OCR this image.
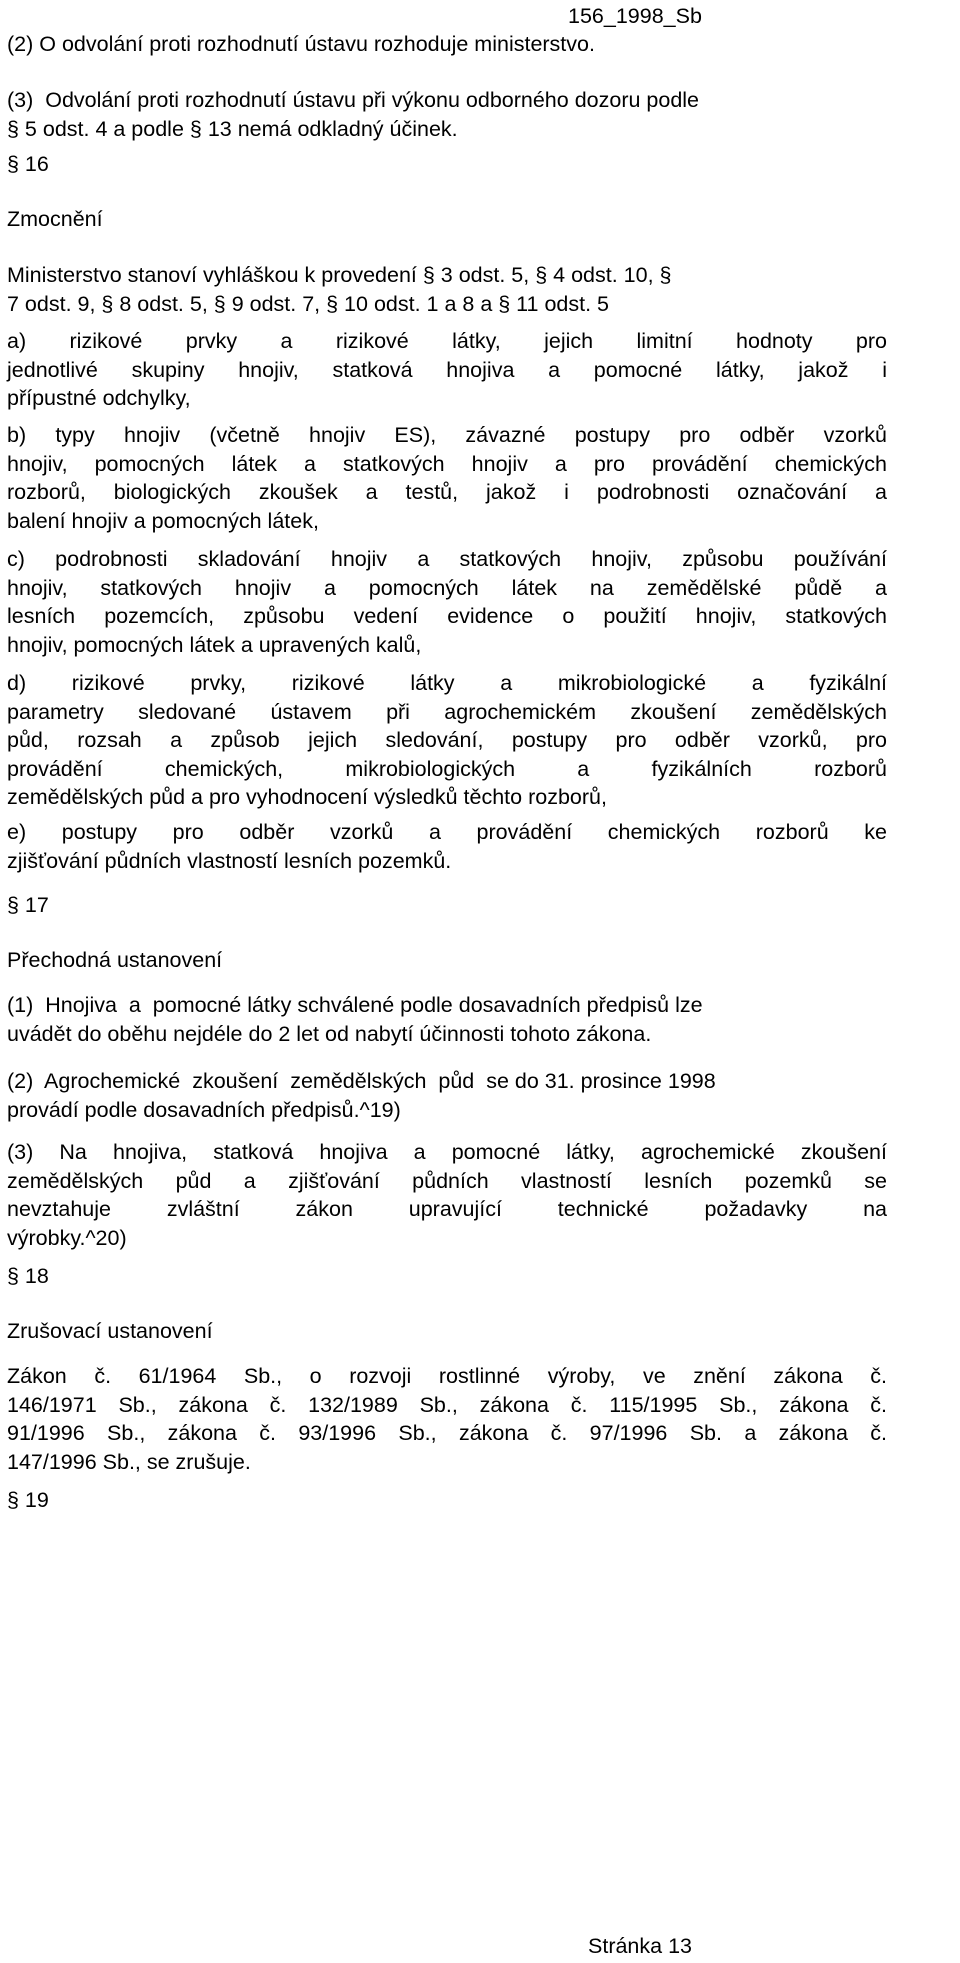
156_1998_Sb
(2) O odvolání proti rozhodnutí ústavu rozhoduje ministerstvo.
(3)  Odvolání proti rozhodnutí ústavu při výkonu odborného dozoru podle
§ 5 odst. 4 a podle § 13 nemá odkladný účinek.
§ 16
Zmocnění
Ministerstvo stanoví vyhláškou k provedení § 3 odst. 5, § 4 odst. 10, §
7 odst. 9, § 8 odst. 5, § 9 odst. 7, § 10 odst. 1 a 8 a § 11 odst. 5
a) rizikové prvky a rizikové látky, jejich limitní hodnoty pro
jednotlivé skupiny hnojiv, statková hnojiva a pomocné látky, jakož i
přípustné odchylky,
b) typy hnojiv (včetně hnojiv ES), závazné postupy pro odběr vzorků
hnojiv, pomocných látek a statkových hnojiv a pro provádění chemických
rozborů, biologických zkoušek a testů, jakož i podrobnosti označování a
balení hnojiv a pomocných látek,
c) podrobnosti skladování hnojiv a statkových hnojiv, způsobu používání
hnojiv, statkových hnojiv a pomocných látek na zemědělské půdě a
lesních pozemcích, způsobu vedení evidence o použití hnojiv, statkových
hnojiv, pomocných látek a upravených kalů,
d) rizikové prvky, rizikové látky a mikrobiologické a fyzikální
parametry sledované ústavem při agrochemickém zkoušení zemědělských
půd, rozsah a způsob jejich sledování, postupy pro odběr vzorků, pro
provádění chemických, mikrobiologických a fyzikálních rozborů
zemědělských půd a pro vyhodnocení výsledků těchto rozborů,
e) postupy pro odběr vzorků a provádění chemických rozborů ke
zjišťování půdních vlastností lesních pozemků.
§ 17
Přechodná ustanovení
(1)  Hnojiva  a  pomocné látky schválené podle dosavadních předpisů lze
uvádět do oběhu nejdéle do 2 let od nabytí účinnosti tohoto zákona.
(2)  Agrochemické  zkoušení  zemědělských  půd  se do 31. prosince 1998
provádí podle dosavadních předpisů.^19)
(3) Na hnojiva, statková hnojiva a pomocné látky, agrochemické zkoušení
zemědělských půd a zjišťování půdních vlastností lesních pozemků se
nevztahuje zvláštní zákon upravující technické požadavky na
výrobky.^20)
§ 18
Zrušovací ustanovení
Zákon č. 61/1964 Sb., o rozvoji rostlinné výroby, ve znění zákona č.
146/1971 Sb., zákona č. 132/1989 Sb., zákona č. 115/1995 Sb., zákona č.
91/1996 Sb., zákona č. 93/1996 Sb., zákona č. 97/1996 Sb. a zákona č.
147/1996 Sb., se zrušuje.
§ 19
Stránka 13
